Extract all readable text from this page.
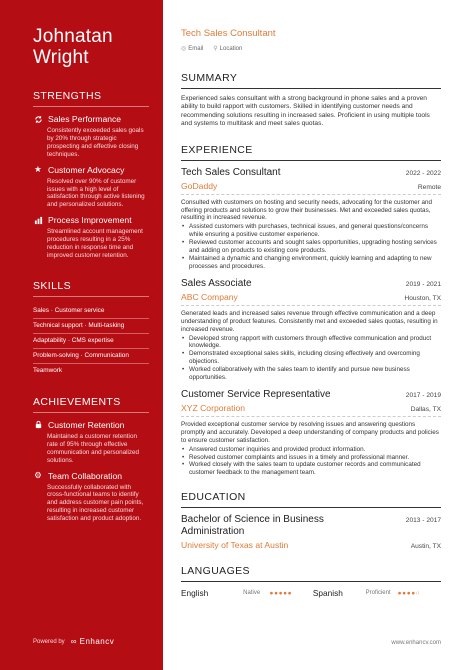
Johnatan Wright
STRENGTHS
Sales Performance
Consistently exceeded sales goals by 20% through strategic prospecting and effective closing techniques.
★ Customer Advocacy
Resolved over 90% of customer issues with a high level of satisfaction through active listening and personalized solutions.
Process Improvement
Streamlined account management procedures resulting in a 25% reduction in response time and improved customer retention.
SKILLS
Sales · Customer service
Technical support · Multi-tasking
Adaptability · CMS expertise
Problem-solving · Communication
Teamwork
ACHIEVEMENTS
Customer Retention
Maintained a customer retention rate of 95% through effective communication and personalized solutions.
⚙ Team Collaboration
Successfully collaborated with cross-functional teams to identify and address customer pain points, resulting in increased customer satisfaction and product adoption.
Powered by ∞ Enhancv
Tech Sales Consultant
◎ Email ⚲ Location
SUMMARY
Experienced sales consultant with a strong background in phone sales and a proven ability to build rapport with customers. Skilled in identifying customer needs and recommending solutions resulting in increased sales. Proficient in using multiple tools and systems to multitask and meet sales quotas.
EXPERIENCE
Tech Sales Consultant	2022 - 2022
GoDaddy	Remote
Consulted with customers on hosting and security needs, advocating for the customer and offering products and solutions to grow their businesses. Met and exceeded sales quotas, resulting in increased revenue.
• Assisted customers with purchases, technical issues, and general questions/concerns while ensuring a positive customer experience.
• Reviewed customer accounts and sought sales opportunities, upgrading hosting services and adding on products to existing core products.
• Maintained a dynamic and changing environment, quickly learning and adapting to new processes and procedures.
Sales Associate	2019 - 2021
ABC Company	Houston, TX
Generated leads and increased sales revenue through effective communication and a deep understanding of product features. Consistently met and exceeded sales quotas, resulting in increased revenue.
• Developed strong rapport with customers through effective communication and product knowledge.
• Demonstrated exceptional sales skills, including closing effectively and overcoming objections.
• Worked collaboratively with the sales team to identify and pursue new business opportunities.
Customer Service Representative	2017 - 2019
XYZ Corporation	Dallas, TX
Provided exceptional customer service by resolving issues and answering questions promptly and accurately. Developed a deep understanding of company products and policies to ensure customer satisfaction.
• Answered customer inquiries and provided product information.
• Resolved customer complaints and issues in a timely and professional manner.
• Worked closely with the sales team to update customer records and communicated customer feedback to the management team.
EDUCATION
Bachelor of Science in Business Administration
2013 - 2017
University of Texas at Austin	Austin, TX
LANGUAGES
English	Native	●●●●●	Spanish	Proficient	●●●●○
www.enhancv.com
